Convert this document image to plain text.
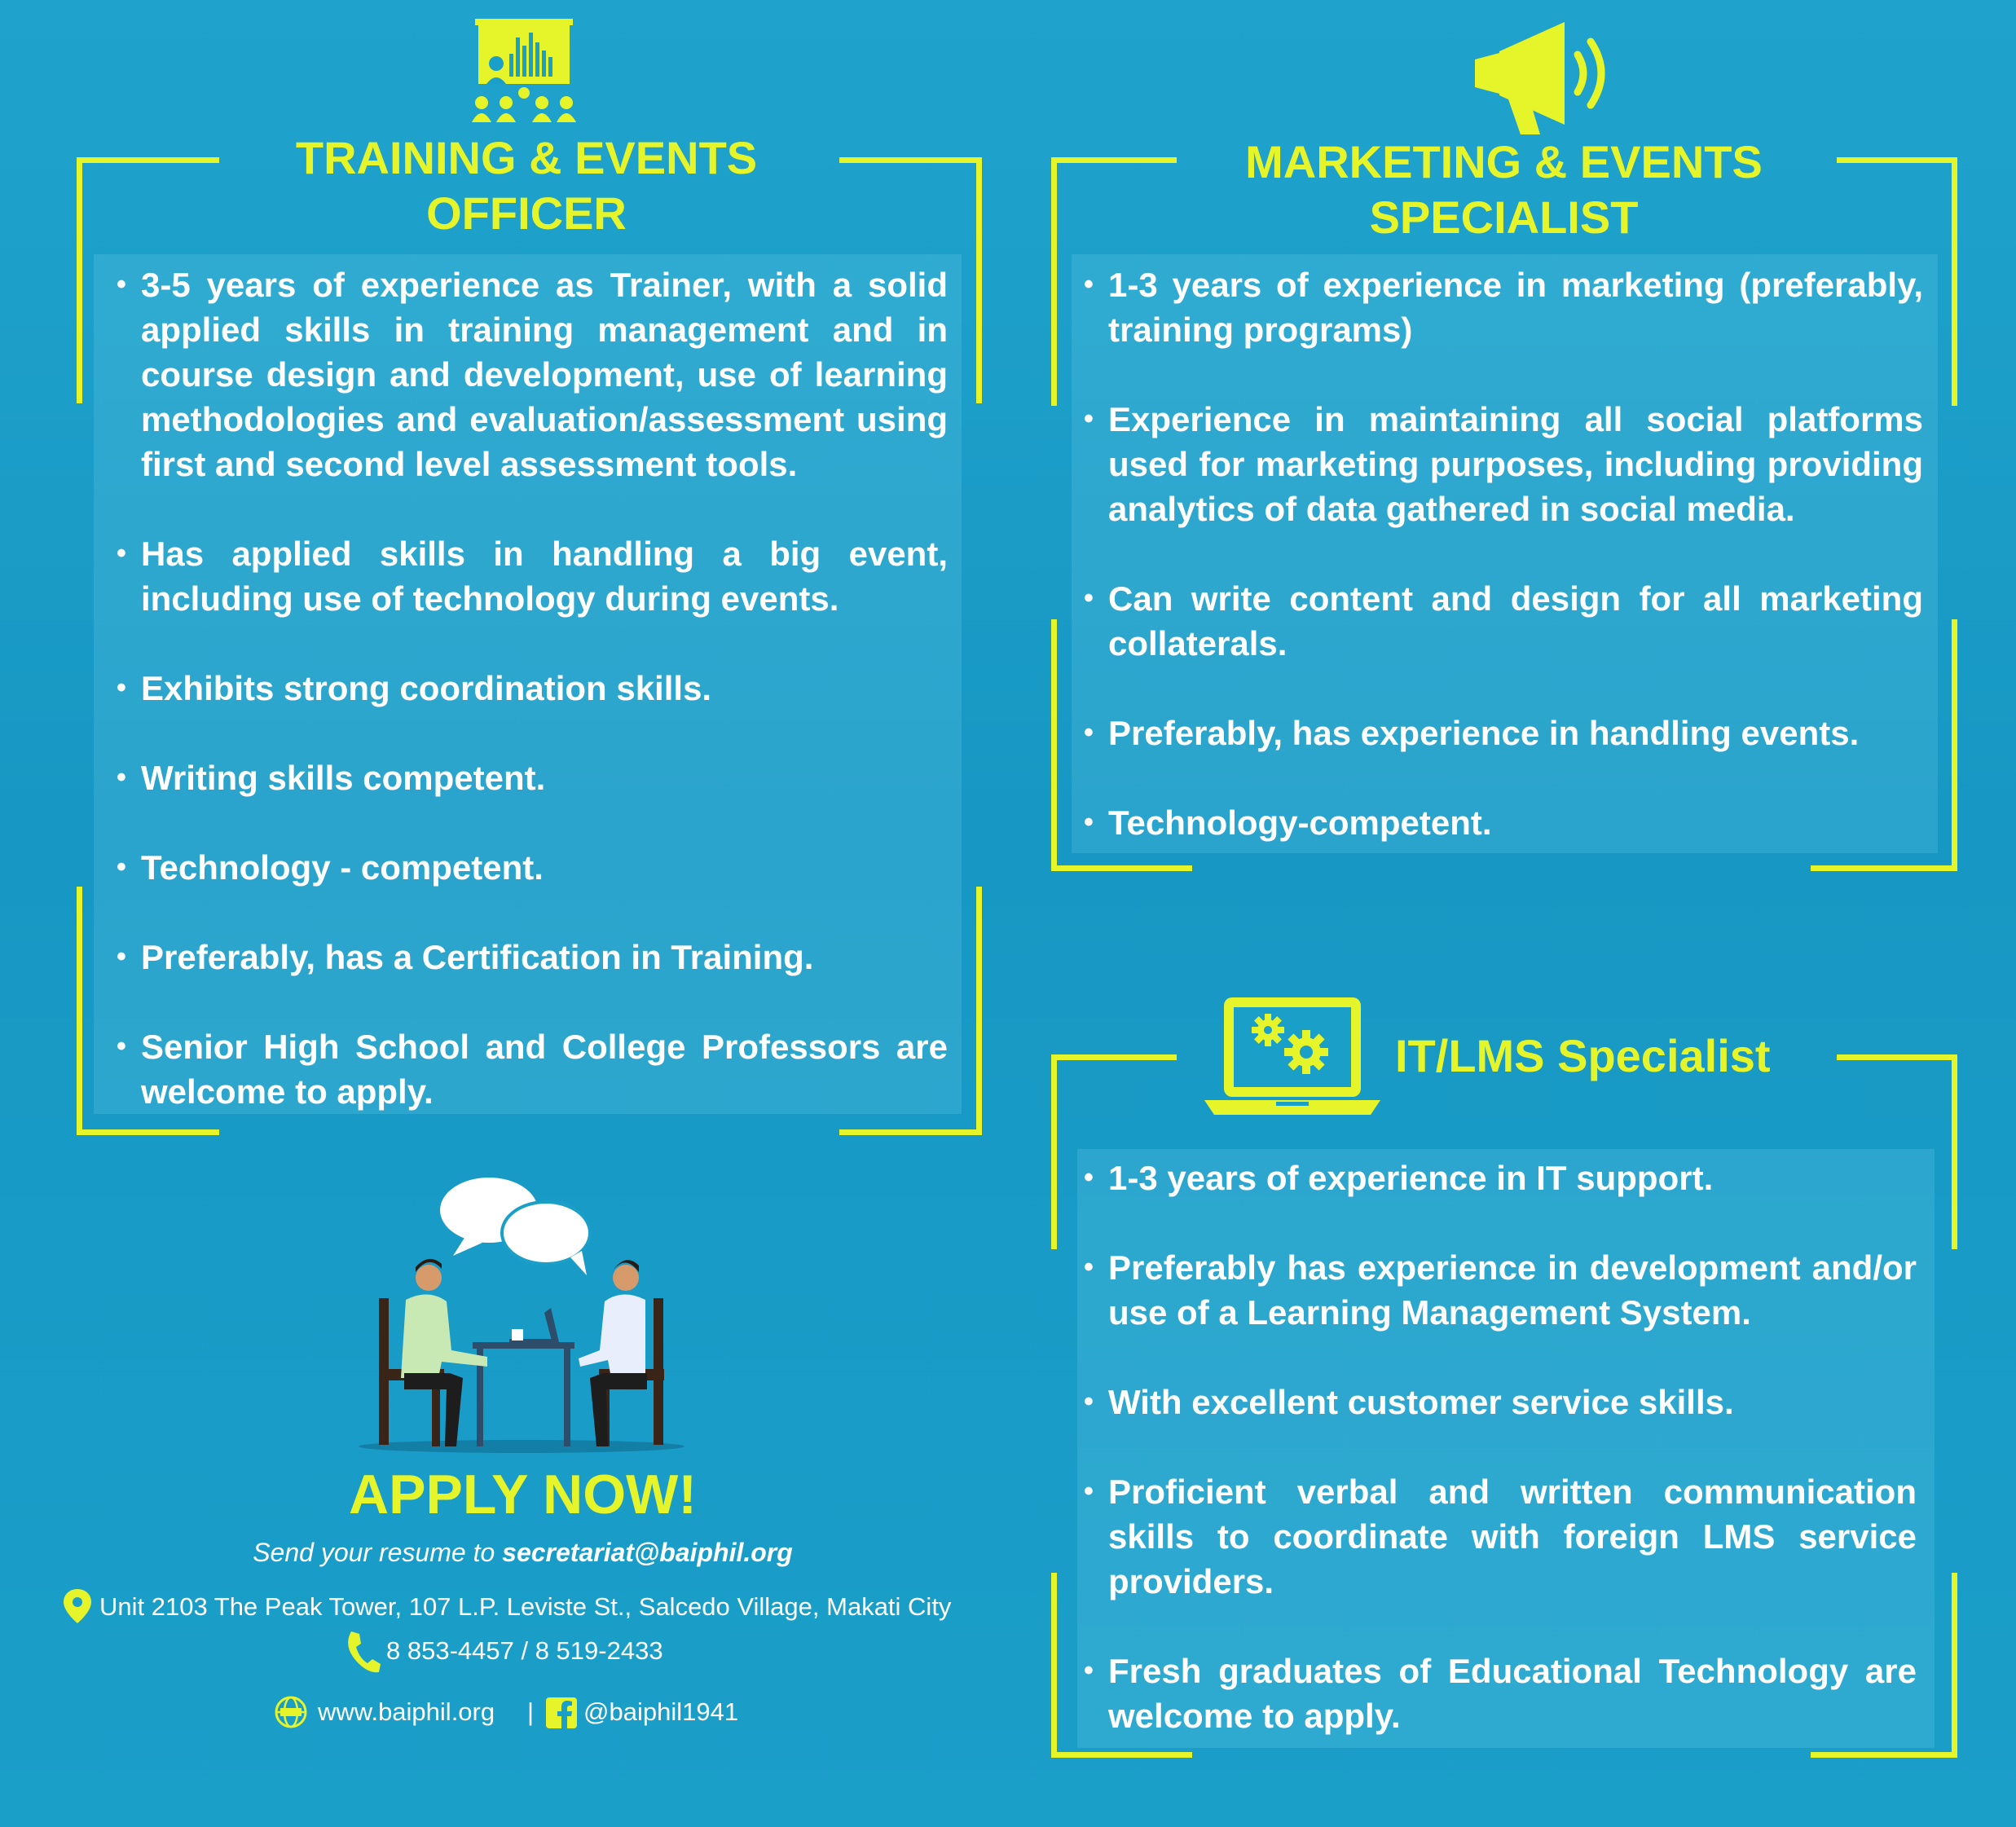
TRAINING & EVENTS
OFFICER
• 3-5 years of experience as Trainer, with a solid applied skills in training management and in course design and development, use of learning methodologies and evaluation/assessment using first and second level assessment tools.
• Has applied skills in handling a big event, including use of technology during events.
• Exhibits strong coordination skills.
• Writing skills competent.
• Technology - competent.
• Preferably, has a Certification in Training.
• Senior High School and College Professors are welcome to apply.
MARKETING & EVENTS
SPECIALIST
• 1-3 years of experience in marketing (preferably, training programs)
• Experience in maintaining all social platforms used for marketing purposes, including providing analytics of data gathered in social media.
• Can write content and design for all marketing collaterals.
• Preferably, has experience in handling events.
• Technology-competent.
IT/LMS Specialist
• 1-3 years of experience in IT support.
• Preferably has experience in development and/or use of a Learning Management System.
• With excellent customer service skills.
• Proficient verbal and written communication skills to coordinate with foreign LMS service providers.
• Fresh graduates of Educational Technology are welcome to apply.
APPLY NOW!
Send your resume to secretariat@baiphil.org
Unit 2103 The Peak Tower, 107 L.P. Leviste St., Salcedo Village, Makati City
8 853-4457 / 8 519-2433
www.baiphil.org | @baiphil1941
